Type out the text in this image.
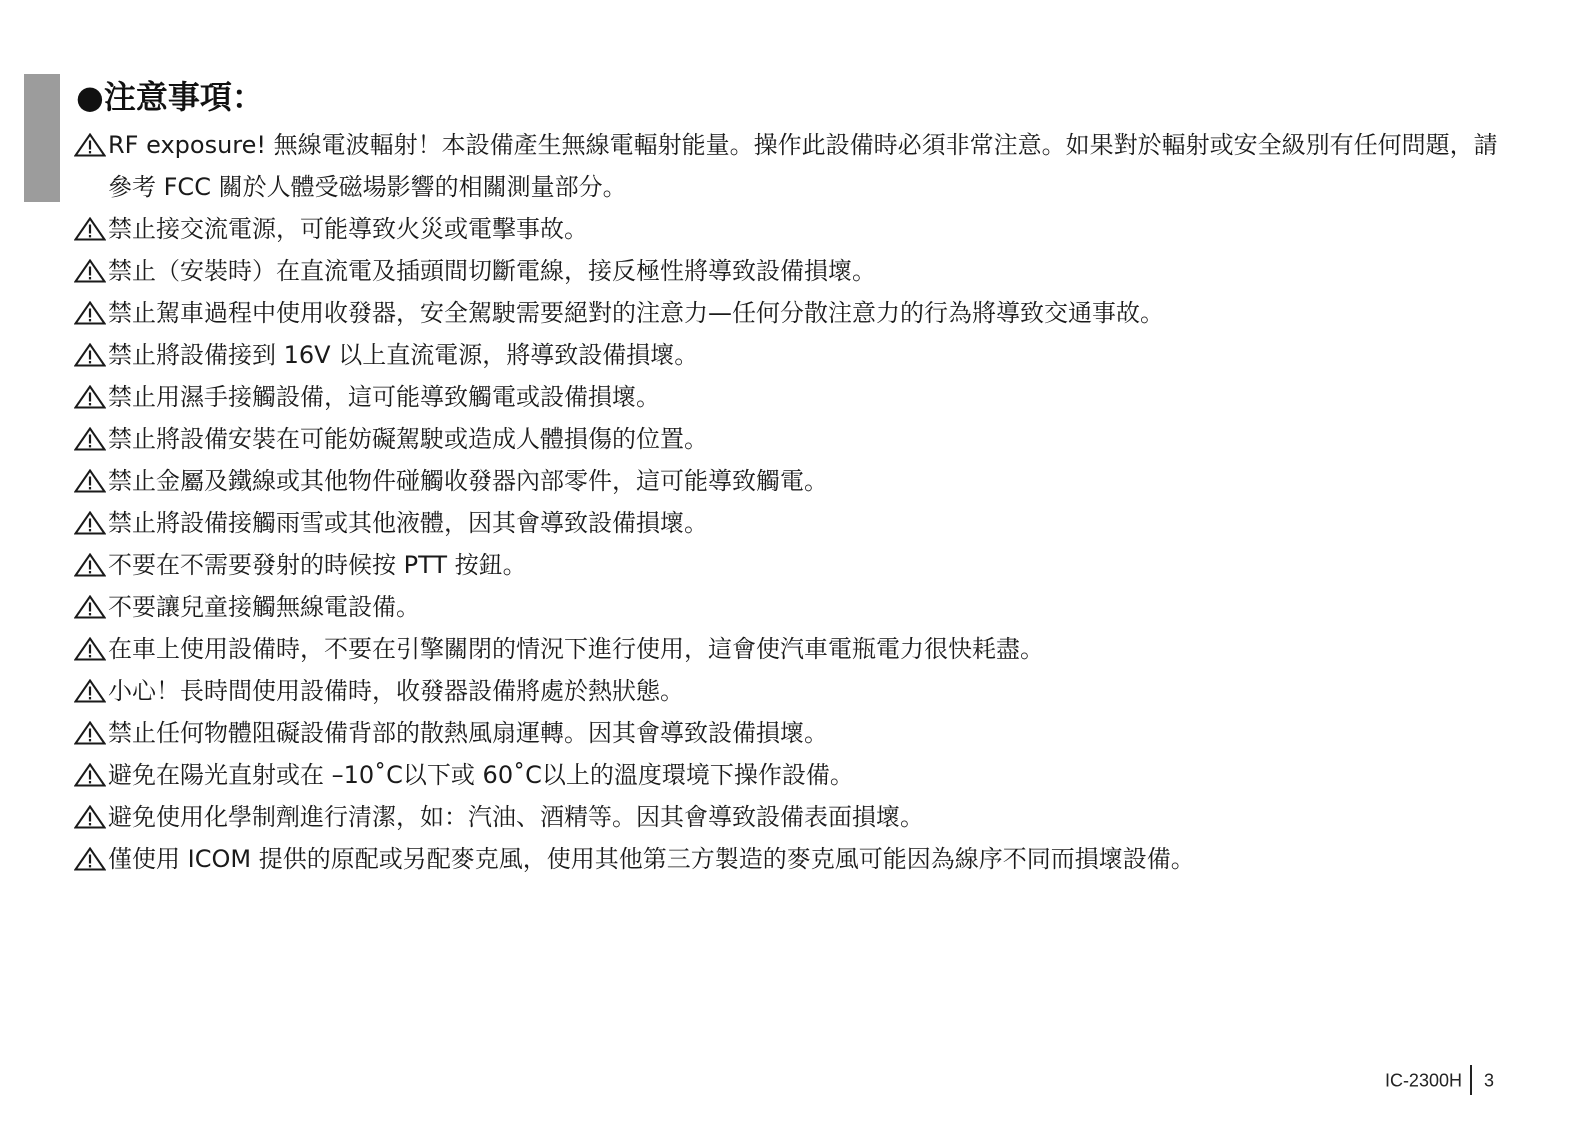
●注意事項：
RF exposure! 無線電波輻射！本設備產生無線電輻射能量。操作此設備時必須非常注意。如果對於輻射或安全級別有任何問題，請參考 FCC 關於人體受磁場影響的相關測量部分。
禁止接交流電源，可能導致火災或電擊事故。
禁止（安裝時）在直流電及插頭間切斷電線，接反極性將導致設備損壞。
禁止駕車過程中使用收發器，安全駕駛需要絕對的注意力—任何分散注意力的行為將導致交通事故。
禁止將設備接到 16V 以上直流電源，將導致設備損壞。
禁止用濕手接觸設備，這可能導致觸電或設備損壞。
禁止將設備安裝在可能妨礙駕駛或造成人體損傷的位置。
禁止金屬及鐵線或其他物件碰觸收發器內部零件，這可能導致觸電。
禁止將設備接觸雨雪或其他液體，因其會導致設備損壞。
不要在不需要發射的時候按 PTT 按鈕。
不要讓兒童接觸無線電設備。
在車上使用設備時，不要在引擎關閉的情況下進行使用，這會使汽車電瓶電力很快耗盡。
小心！長時間使用設備時，收發器設備將處於熱狀態。
禁止任何物體阻礙設備背部的散熱風扇運轉。因其會導致設備損壞。
避免在陽光直射或在 –10˚C以下或 60˚C以上的溫度環境下操作設備。
避免使用化學制劑進行清潔，如：汽油、酒精等。因其會導致設備表面損壞。
僅使用 ICOM 提供的原配或另配麥克風，使用其他第三方製造的麥克風可能因為線序不同而損壞設備。
IC-2300H 3
